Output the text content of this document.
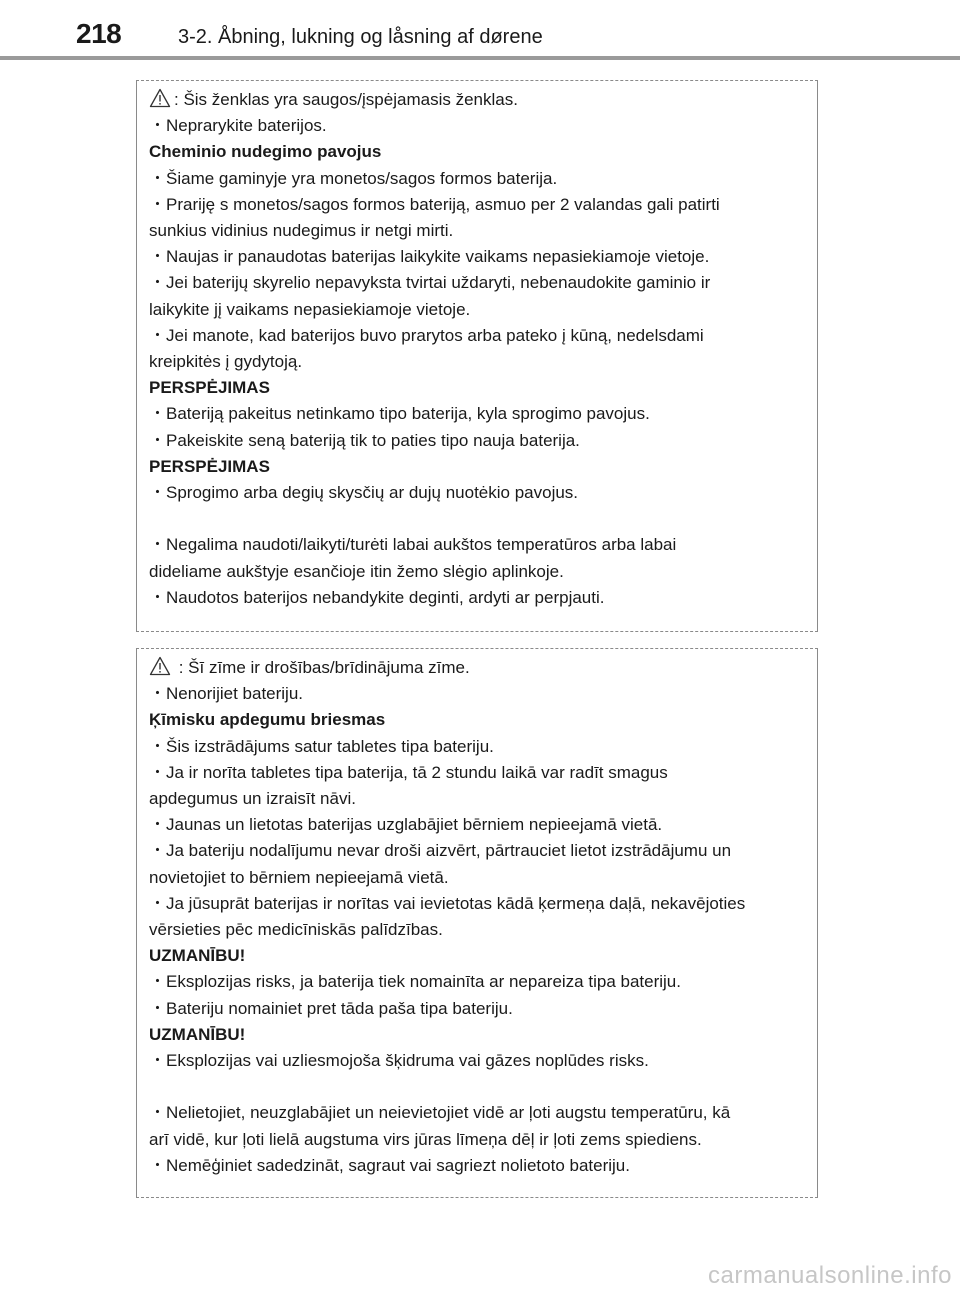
218	3-2. Åbning, lukning og låsning af dørene
: Šis ženklas yra saugos/įspėjamasis ženklas.
・Neprarykite baterijos.
Cheminio nudegimo pavojus
・Šiame gaminyje yra monetos/sagos formos baterija.
・Prariję s monetos/sagos formos bateriją, asmuo per 2 valandas gali patirti
sunkius vidinius nudegimus ir netgi mirti.
・Naujas ir panaudotas baterijas laikykite vaikams nepasiekiamoje vietoje.
・Jei baterijų skyrelio nepavyksta tvirtai uždaryti, nebenaudokite gaminio ir
laikykite jį vaikams nepasiekiamoje vietoje.
・Jei manote, kad baterijos buvo prarytos arba pateko į kūną, nedelsdami
kreipkitės į gydytoją.
PERSPĖJIMAS
・Bateriją pakeitus netinkamo tipo baterija, kyla sprogimo pavojus.
・Pakeiskite seną bateriją tik to paties tipo nauja baterija.
PERSPĖJIMAS
・Sprogimo arba degių skysčių ar dujų nuotėkio pavojus.
・Negalima naudoti/laikyti/turėti labai aukštos temperatūros arba labai
dideliame aukštyje esančioje itin žemo slėgio aplinkoje.
・Naudotos baterijos nebandykite deginti, ardyti ar perpjauti.
: Šī zīme ir drošības/brīdinājuma zīme.
・Nenorijiet bateriju.
Ķīmisku apdegumu briesmas
・Šis izstrādājums satur tabletes tipa bateriju.
・Ja ir norīta tabletes tipa baterija, tā 2 stundu laikā var radīt smagus
apdegumus un izraisīt nāvi.
・Jaunas un lietotas baterijas uzglabājiet bērniem nepieejamā vietā.
・Ja bateriju nodalījumu nevar droši aizvērt, pārtrauciet lietot izstrādājumu un
novietojiet to bērniem nepieejamā vietā.
・Ja jūsuprāt baterijas ir norītas vai ievietotas kādā ķermeņa daļā, nekavējoties
vērsieties pēc medicīniskās palīdzības.
UZMANĪBU!
・Eksplozijas risks, ja baterija tiek nomainīta ar nepareiza tipa bateriju.
・Bateriju nomainiet pret tāda paša tipa bateriju.
UZMANĪBU!
・Eksplozijas vai uzliesmojoša šķidruma vai gāzes noplūdes risks.
・Nelietojiet, neuzglabājiet un neievietojiet vidē ar ļoti augstu temperatūru, kā
arī vidē, kur ļoti lielā augstuma virs jūras līmeņa dēļ ir ļoti zems spiediens.
・Nemēģiniet sadedzināt, sagraut vai sagriezt nolietoto bateriju.
carmanualsonline.info
